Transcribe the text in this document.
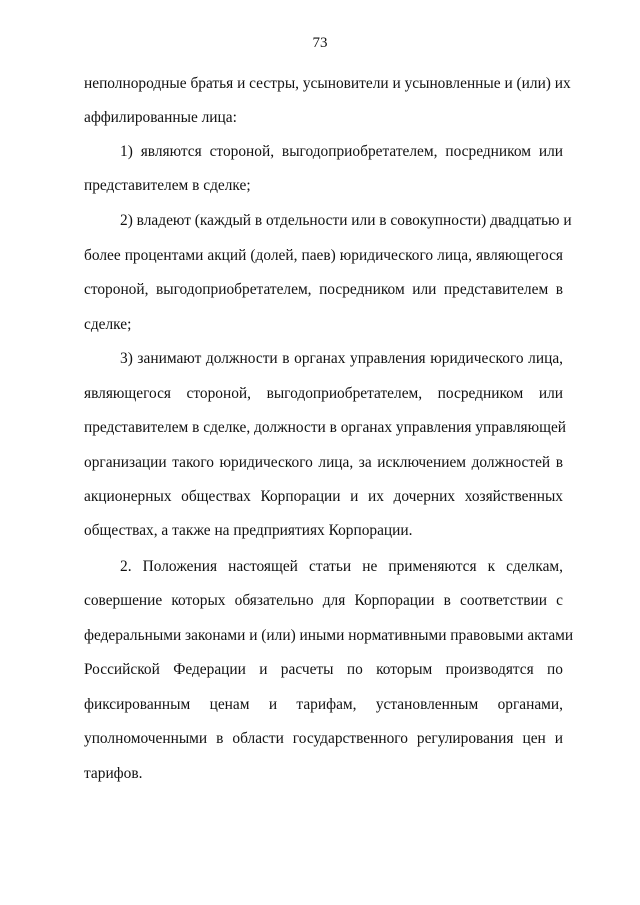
73
неполнородные братья и сестры, усыновители и усыновленные и (или) их
аффилированные лица:
1) являются стороной, выгодоприобретателем, посредником или
представителем в сделке;
2) владеют (каждый в отдельности или в совокупности) двадцатью и
более процентами акций (долей, паев) юридического лица, являющегося
стороной, выгодоприобретателем, посредником или представителем в
сделке;
3) занимают должности в органах управления юридического лица,
являющегося стороной, выгодоприобретателем, посредником или
представителем в сделке, должности в органах управления управляющей
организации такого юридического лица, за исключением должностей в
акционерных обществах Корпорации и их дочерних хозяйственных
обществах, а также на предприятиях Корпорации.
2. Положения настоящей статьи не применяются к сделкам,
совершение которых обязательно для Корпорации в соответствии с
федеральными законами и (или) иными нормативными правовыми актами
Российской Федерации и расчеты по которым производятся по
фиксированным ценам и тарифам, установленным органами,
уполномоченными в области государственного регулирования цен и
тарифов.
